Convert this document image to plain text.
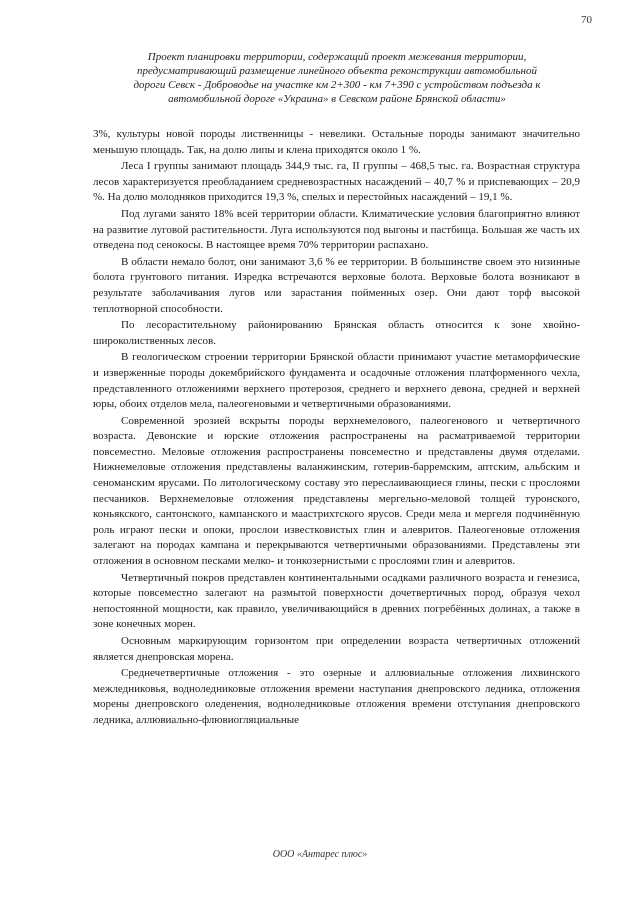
70
Проект планировки территории, содержащий проект межевания территории,
предусматривающий размещение линейного объекта реконструкции автомобильной
дороги Севск - Доброводье на участке км 2+300 - км 7+390 с устройством подъезда к
автомобильной дороге «Украина» в Севском районе Брянской области»

3%, культуры новой породы лиственницы - невелики. Остальные породы занимают значительно меньшую площадь. Так, на долю липы и клена приходятся около 1 %.

Леса I группы занимают площадь 344,9 тыс. га, II группы – 468,5 тыс. га. Возрастная структура лесов характеризуется преобладанием средневозрастных насаждений – 40,7 % и приспевающих – 20,9 %. На долю молодняков приходится 19,3 %, спелых и перестойных насаждений – 19,1 %.

Под лугами занято 18% всей территории области. Климатические условия благоприятно влияют на развитие луговой растительности. Луга используются под выгоны и пастбища. Большая же часть их отведена под сенокосы. В настоящее время 70% территории распахано.

В области немало болот, они занимают 3,6 % ее территории. В большинстве своем это низинные болота грунтового питания. Изредка встречаются верховые болота. Верховые болота возникают в результате заболачивания лугов или зарастания пойменных озер. Они дают торф высокой теплотворной способности.

По лесорастительному районированию Брянская область относится к зоне хвойно-широколиственных лесов.

В геологическом строении территории Брянской области принимают участие метаморфические и изверженные породы докембрийского фундамента и осадочные отложения платформенного чехла, представленного отложениями верхнего протерозоя, среднего и верхнего девона, средней и верхней юры, обоих отделов мела, палеогеновыми и четвертичными образованиями.

Современной эрозией вскрыты породы верхнемелового, палеогенового и четвертичного возраста. Девонские и юрские отложения распространены на расматриваемой территории повсеместно. Меловые отложения распространены повсеместно и представлены двумя отделами. Нижнемеловые отложения представлены валанжинским, готерив-барремским, аптским, альбским и сеноманским ярусами. По литологическому составу это переслаивающиеся глины, пески с прослоями песчаников. Верхнемеловые отложения представлены мергельно-меловой толщей туронского, коньякского, сантонского, кампанского и маастрихтского ярусов. Среди мела и мергеля подчинённую роль играют пески и опоки, прослои известковистых глин и алевритов. Палеогеновые отложения залегают на породах кампана и перекрываются четвертичными образованиями. Представлены эти отложения в основном песками мелко- и тонкозернистыми с прослоями глин и алевритов.

Четвертичный покров представлен континентальными осадками различного возраста и генезиса, которые повсеместно залегают на размытой поверхности дочетвертичных пород, образуя чехол непостоянной мощности, как правило, увеличивающийся в древних погребённых долинах, а также в зоне конечных морен.

Основным маркирующим горизонтом при определении возраста четвертичных отложений является днепровская морена.

Среднечетвертичные отложения - это озерные и аллювиальные отложения лихвинского межледниковья, водноледниковые отложения времени наступания днепровского ледника, отложения морены днепровского оледенения, водноледниковые отложения времени отступания днепровского ледника, аллювиально-флювиогляциальные

ООО «Антарес плюс»
